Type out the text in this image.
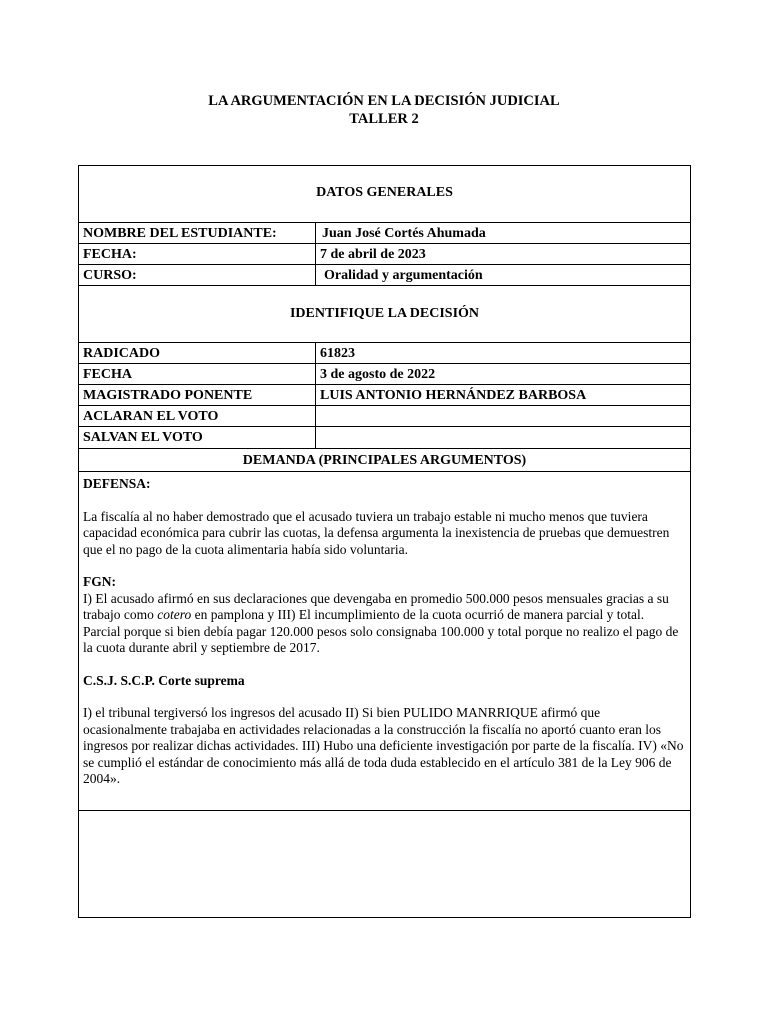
LA ARGUMENTACIÓN EN LA DECISIÓN JUDICIAL
TALLER 2
DATOS GENERALES
NOMBRE DEL ESTUDIANTE:	Juan José Cortés Ahumada
FECHA:	7 de abril de 2023
CURSO:	Oralidad y argumentación
IDENTIFIQUE LA DECISIÓN
RADICADO	61823
FECHA	3 de agosto de 2022
MAGISTRADO PONENTE	LUIS ANTONIO HERNÁNDEZ BARBOSA
ACLARAN EL VOTO
SALVAN EL VOTO
DEMANDA (PRINCIPALES ARGUMENTOS)

DEFENSA:

La fiscalía al no haber demostrado que el acusado tuviera un trabajo estable ni mucho menos que tuviera capacidad económica para cubrir las cuotas, la defensa argumenta la inexistencia de pruebas que demuestren que el no pago de la cuota alimentaria había sido voluntaria.

FGN:

I) El acusado afirmó en sus declaraciones que devengaba en promedio 500.000 pesos mensuales gracias a su trabajo como cotero en pamplona y III) El incumplimiento de la cuota ocurrió de manera parcial y total. Parcial porque si bien debía pagar 120.000 pesos solo consignaba 100.000 y total porque no realizo el pago de la cuota durante abril y septiembre de 2017.

C.S.J. S.C.P. Corte suprema

I) el tribunal tergiversó los ingresos del acusado II) Si bien PULIDO MANRRIQUE afirmó que ocasionalmente trabajaba en actividades relacionadas a la construcción la fiscalía no aportó cuanto eran los ingresos por realizar dichas actividades. III) Hubo una deficiente investigación por parte de la fiscalía. IV) «No se cumplió el estándar de conocimiento más allá de toda duda establecido en el artículo 381 de la Ley 906 de 2004».
